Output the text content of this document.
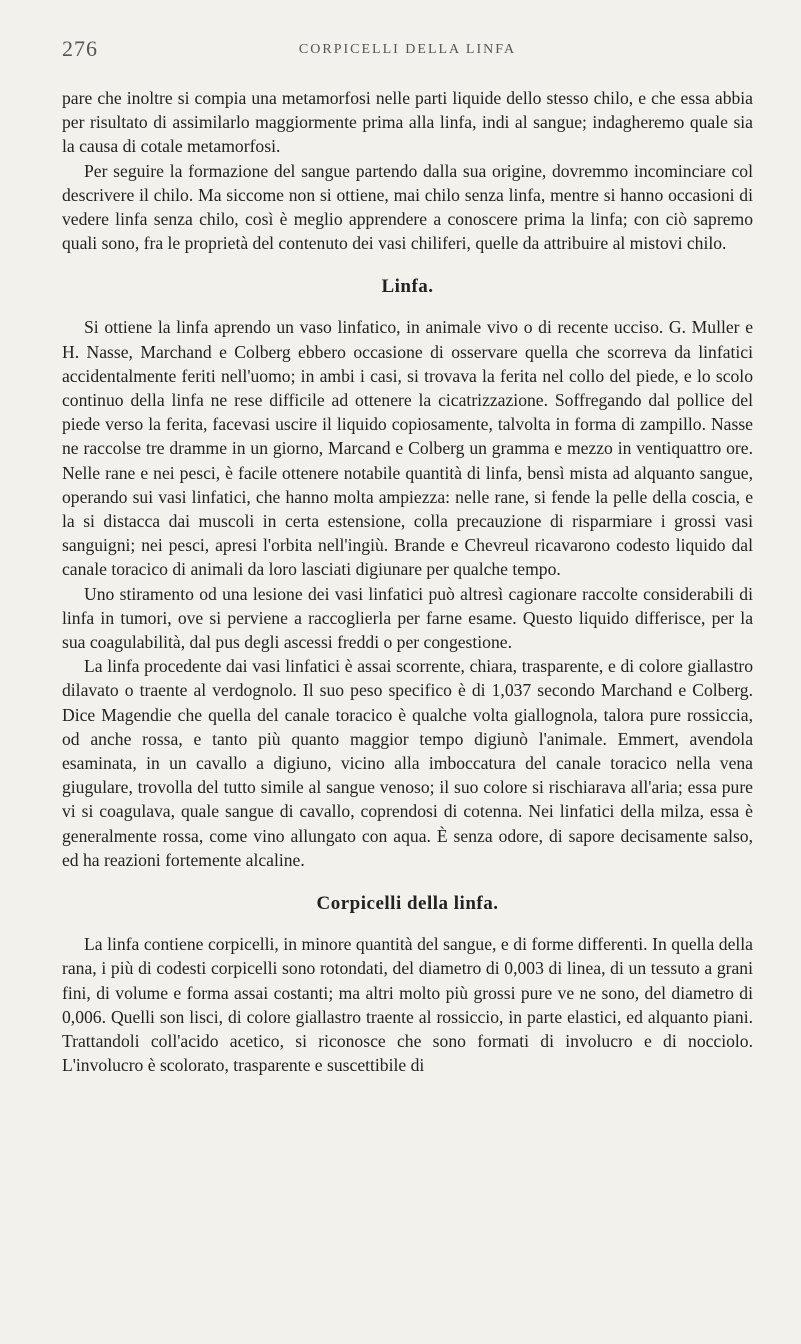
276	CORPICELLI DELLA LINFA

pare che inoltre si compia una metamorfosi nelle parti liquide dello stesso chilo, e che essa abbia per risultato di assimilarlo maggiormente prima alla linfa, indi al sangue; indagheremo quale sia la causa di cotale metamorfosi.

Per seguire la formazione del sangue partendo dalla sua origine, dovremmo incominciare col descrivere il chilo. Ma siccome non si ottiene, mai chilo senza linfa, mentre si hanno occasioni di vedere linfa senza chilo, così è meglio apprendere a conoscere prima la linfa; con ciò sapremo quali sono, fra le proprietà del contenuto dei vasi chiliferi, quelle da attribuire al mistovi chilo.

Linfa.

Si ottiene la linfa aprendo un vaso linfatico, in animale vivo o di recente ucciso. G. Muller e H. Nasse, Marchand e Colberg ebbero occasione di osservare quella che scorreva da linfatici accidentalmente feriti nell'uomo; in ambi i casi, si trovava la ferita nel collo del piede, e lo scolo continuo della linfa ne rese difficile ad ottenere la cicatrizzazione. Soffregando dal pollice del piede verso la ferita, facevasi uscire il liquido copiosamente, talvolta in forma di zampillo. Nasse ne raccolse tre dramme in un giorno, Marcand e Colberg un gramma e mezzo in ventiquattro ore. Nelle rane e nei pesci, è facile ottenere notabile quantità di linfa, bensì mista ad alquanto sangue, operando sui vasi linfatici, che hanno molta ampiezza: nelle rane, si fende la pelle della coscia, e la si distacca dai muscoli in certa estensione, colla precauzione di risparmiare i grossi vasi sanguigni; nei pesci, apresi l'orbita nell'ingiù. Brande e Chevreul ricavarono codesto liquido dal canale toracico di animali da loro lasciati digiunare per qualche tempo.

Uno stiramento od una lesione dei vasi linfatici può altresì cagionare raccolte considerabili di linfa in tumori, ove si perviene a raccoglierla per farne esame. Questo liquido differisce, per la sua coagulabilità, dal pus degli ascessi freddi o per congestione.

La linfa procedente dai vasi linfatici è assai scorrente, chiara, trasparente, e di colore giallastro dilavato o traente al verdognolo. Il suo peso specifico è di 1,037 secondo Marchand e Colberg. Dice Magendie che quella del canale toracico è qualche volta giallognola, talora pure rossiccia, od anche rossa, e tanto più quanto maggior tempo digiunò l'animale. Emmert, avendola esaminata, in un cavallo a digiuno, vicino alla imboccatura del canale toracico nella vena giugulare, trovolla del tutto simile al sangue venoso; il suo colore si rischiarava all'aria; essa pure vi si coagulava, quale sangue di cavallo, coprendosi di cotenna. Nei linfatici della milza, essa è generalmente rossa, come vino allungato con aqua. È senza odore, di sapore decisamente salso, ed ha reazioni fortemente alcaline.

Corpicelli della linfa.

La linfa contiene corpicelli, in minore quantità del sangue, e di forme differenti. In quella della rana, i più di codesti corpicelli sono rotondati, del diametro di 0,003 di linea, di un tessuto a grani fini, di volume e forma assai costanti; ma altri molto più grossi pure ve ne sono, del diametro di 0,006. Quelli son lisci, di colore giallastro traente al rossiccio, in parte elastici, ed alquanto piani. Trattandoli coll'acido acetico, si riconosce che sono formati di involucro e di nocciolo. L'involucro è scolorato, trasparente e suscettibile di
